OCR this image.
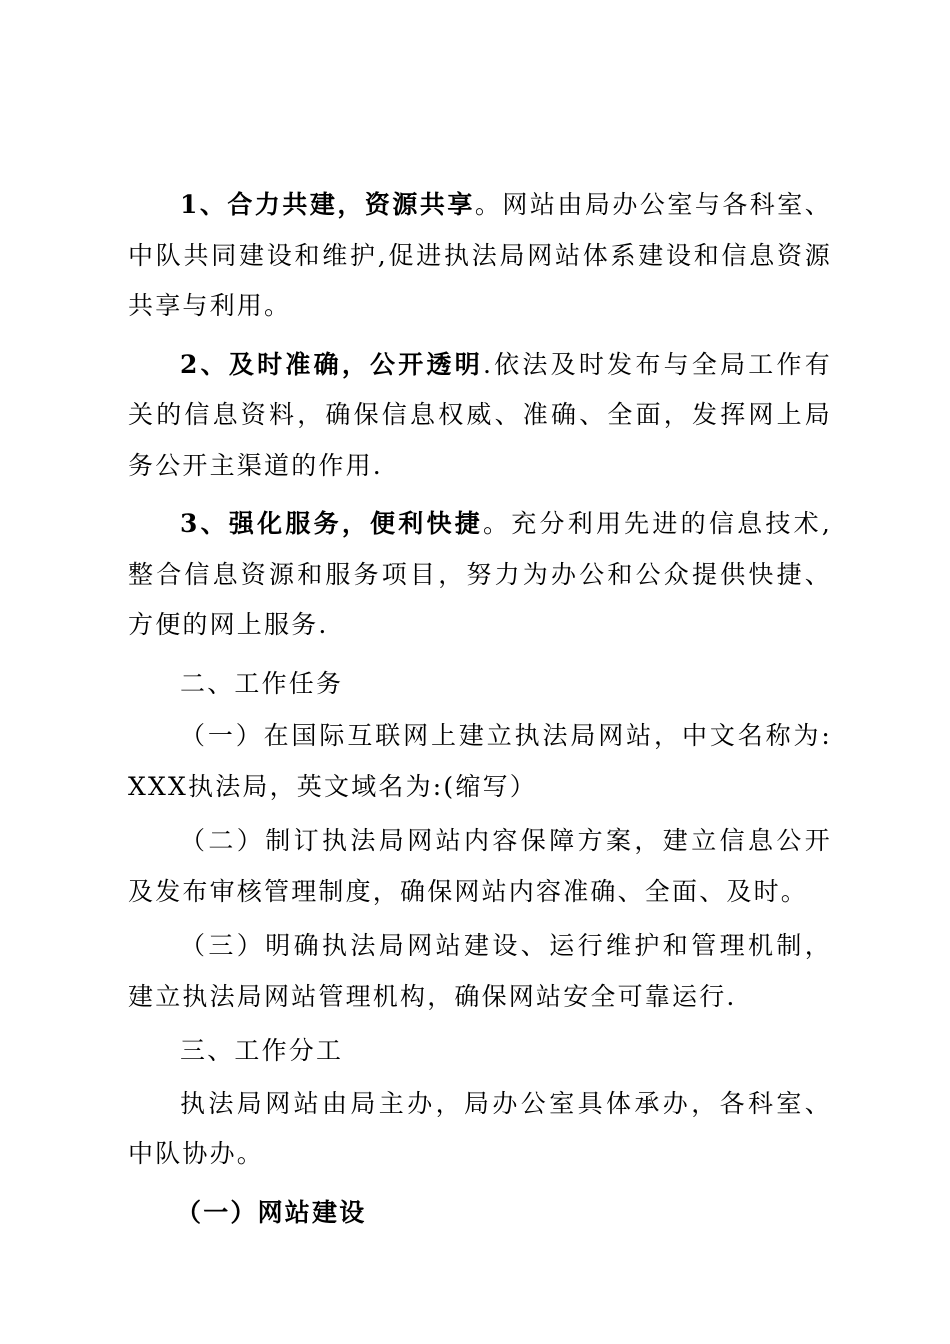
1、合力共建，资源共享。网站由局办公室与各科室、中队共同建设和维护,促进执法局网站体系建设和信息资源共享与利用。

2、及时准确，公开透明.依法及时发布与全局工作有关的信息资料，确保信息权威、准确、全面，发挥网上局务公开主渠道的作用.

3、强化服务，便利快捷。充分利用先进的信息技术,整合信息资源和服务项目，努力为办公和公众提供快捷、方便的网上服务.

二、工作任务

（一）在国际互联网上建立执法局网站，中文名称为: XXX执法局，英文域名为:(缩写）

（二）制订执法局网站内容保障方案，建立信息公开及发布审核管理制度，确保网站内容准确、全面、及时。

（三）明确执法局网站建设、运行维护和管理机制，建立执法局网站管理机构，确保网站安全可靠运行.

三、工作分工

执法局网站由局主办，局办公室具体承办，各科室、中队协办。

（一）网站建设
